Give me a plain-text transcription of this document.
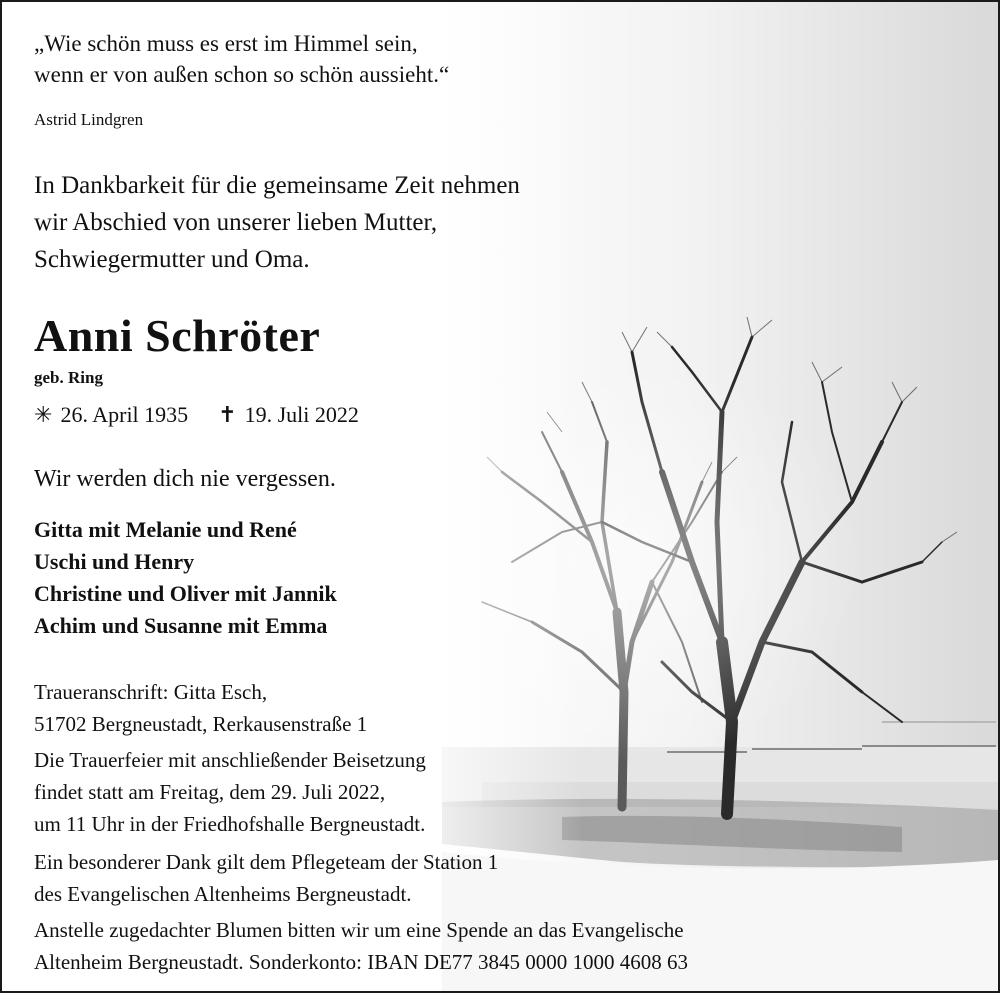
„Wie schön muss es erst im Himmel sein,
wenn er von außen schon so schön aussieht.“
Astrid Lindgren
In Dankbarkeit für die gemeinsame Zeit nehmen
wir Abschied von unserer lieben Mutter,
Schwiegermutter und Oma.
Anni Schröter
geb. Ring
✳ 26. April 1935 ✝ 19. Juli 2022
Wir werden dich nie vergessen.
Gitta mit Melanie und René
Uschi und Henry
Christine und Oliver mit Jannik
Achim und Susanne mit Emma
Traueranschrift: Gitta Esch,
51702 Bergneustadt, Rerkausenstraße 1
Die Trauerfeier mit anschließender Beisetzung
findet statt am Freitag, dem 29. Juli 2022,
um 11 Uhr in der Friedhofshalle Bergneustadt.
Ein besonderer Dank gilt dem Pflegeteam der Station 1
des Evangelischen Altenheims Bergneustadt.
Anstelle zugedachter Blumen bitten wir um eine Spende an das Evangelische
Altenheim Bergneustadt. Sonderkonto: IBAN DE77 3845 0000 1000 4608 63
